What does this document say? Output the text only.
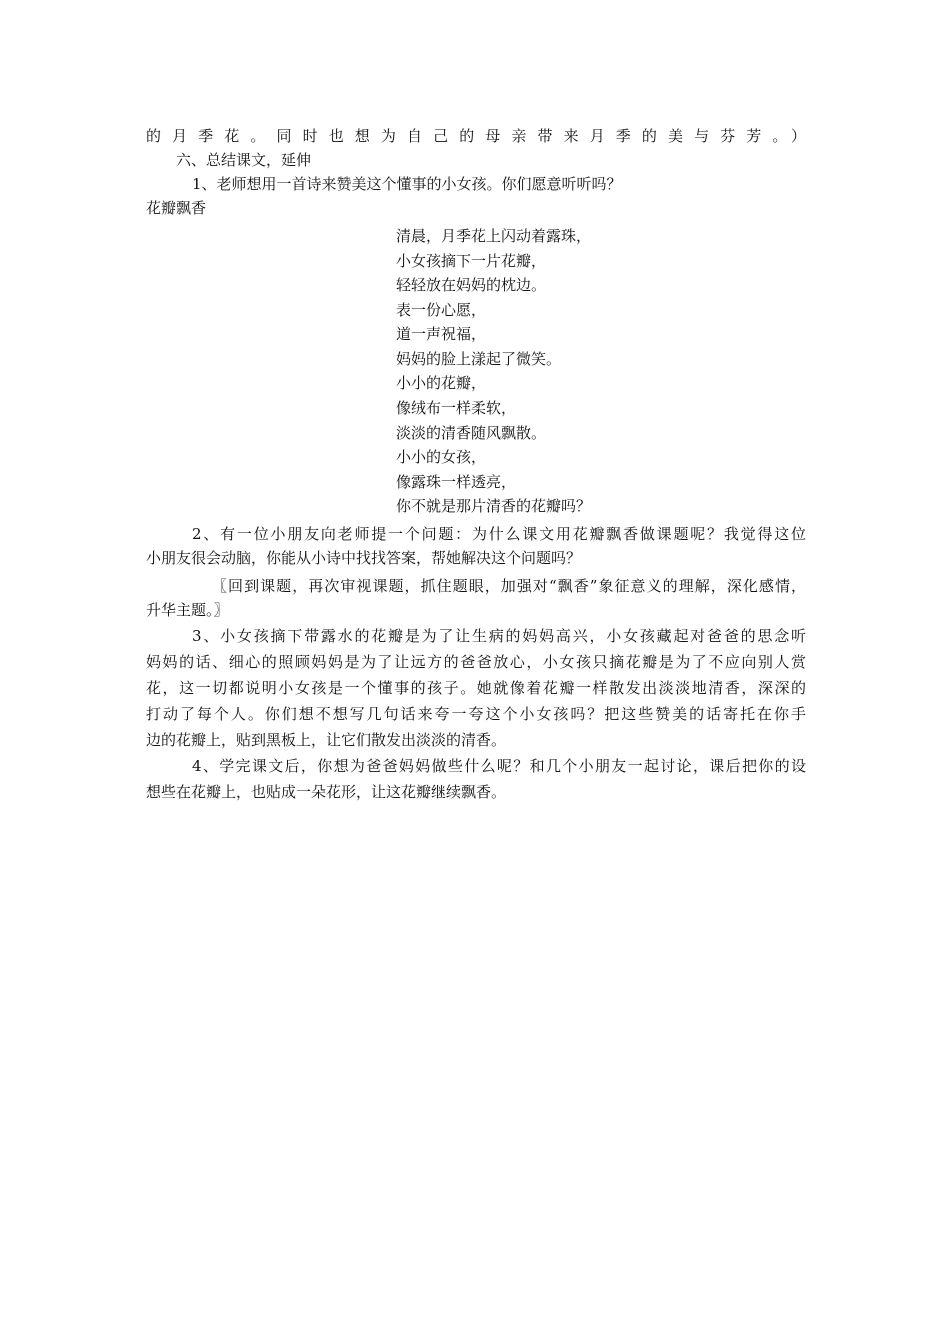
的月季花。同时也想为自己的母亲带来月季的美与芬芳。）
六、总结课文，延伸
1、老师想用一首诗来赞美这个懂事的小女孩。你们愿意听听吗？
花瓣飘香
清晨，月季花上闪动着露珠，
小女孩摘下一片花瓣，
轻轻放在妈妈的枕边。
表一份心愿，
道一声祝福，
妈妈的脸上漾起了微笑。
小小的花瓣，
像绒布一样柔软，
淡淡的清香随风飘散。
小小的女孩，
像露珠一样透亮，
你不就是那片清香的花瓣吗？
2、有一位小朋友向老师提一个问题：为什么课文用花瓣飘香做课题呢？我觉得这位
小朋友很会动脑，你能从小诗中找找答案，帮她解决这个问题吗？
〖回到课题，再次审视课题，抓住题眼，加强对“飘香”象征意义的理解，深化感情，
升华主题。〗
3、小女孩摘下带露水的花瓣是为了让生病的妈妈高兴，小女孩藏起对爸爸的思念听
妈妈的话、细心的照顾妈妈是为了让远方的爸爸放心，小女孩只摘花瓣是为了不应向别人赏
花，这一切都说明小女孩是一个懂事的孩子。她就像着花瓣一样散发出淡淡地清香，深深的
打动了每个人。你们想不想写几句话来夸一夸这个小女孩吗？把这些赞美的话寄托在你手
边的花瓣上，贴到黑板上，让它们散发出淡淡的清香。
4、学完课文后，你想为爸爸妈妈做些什么呢？和几个小朋友一起讨论，课后把你的设
想些在花瓣上，也贴成一朵花形，让这花瓣继续飘香。
